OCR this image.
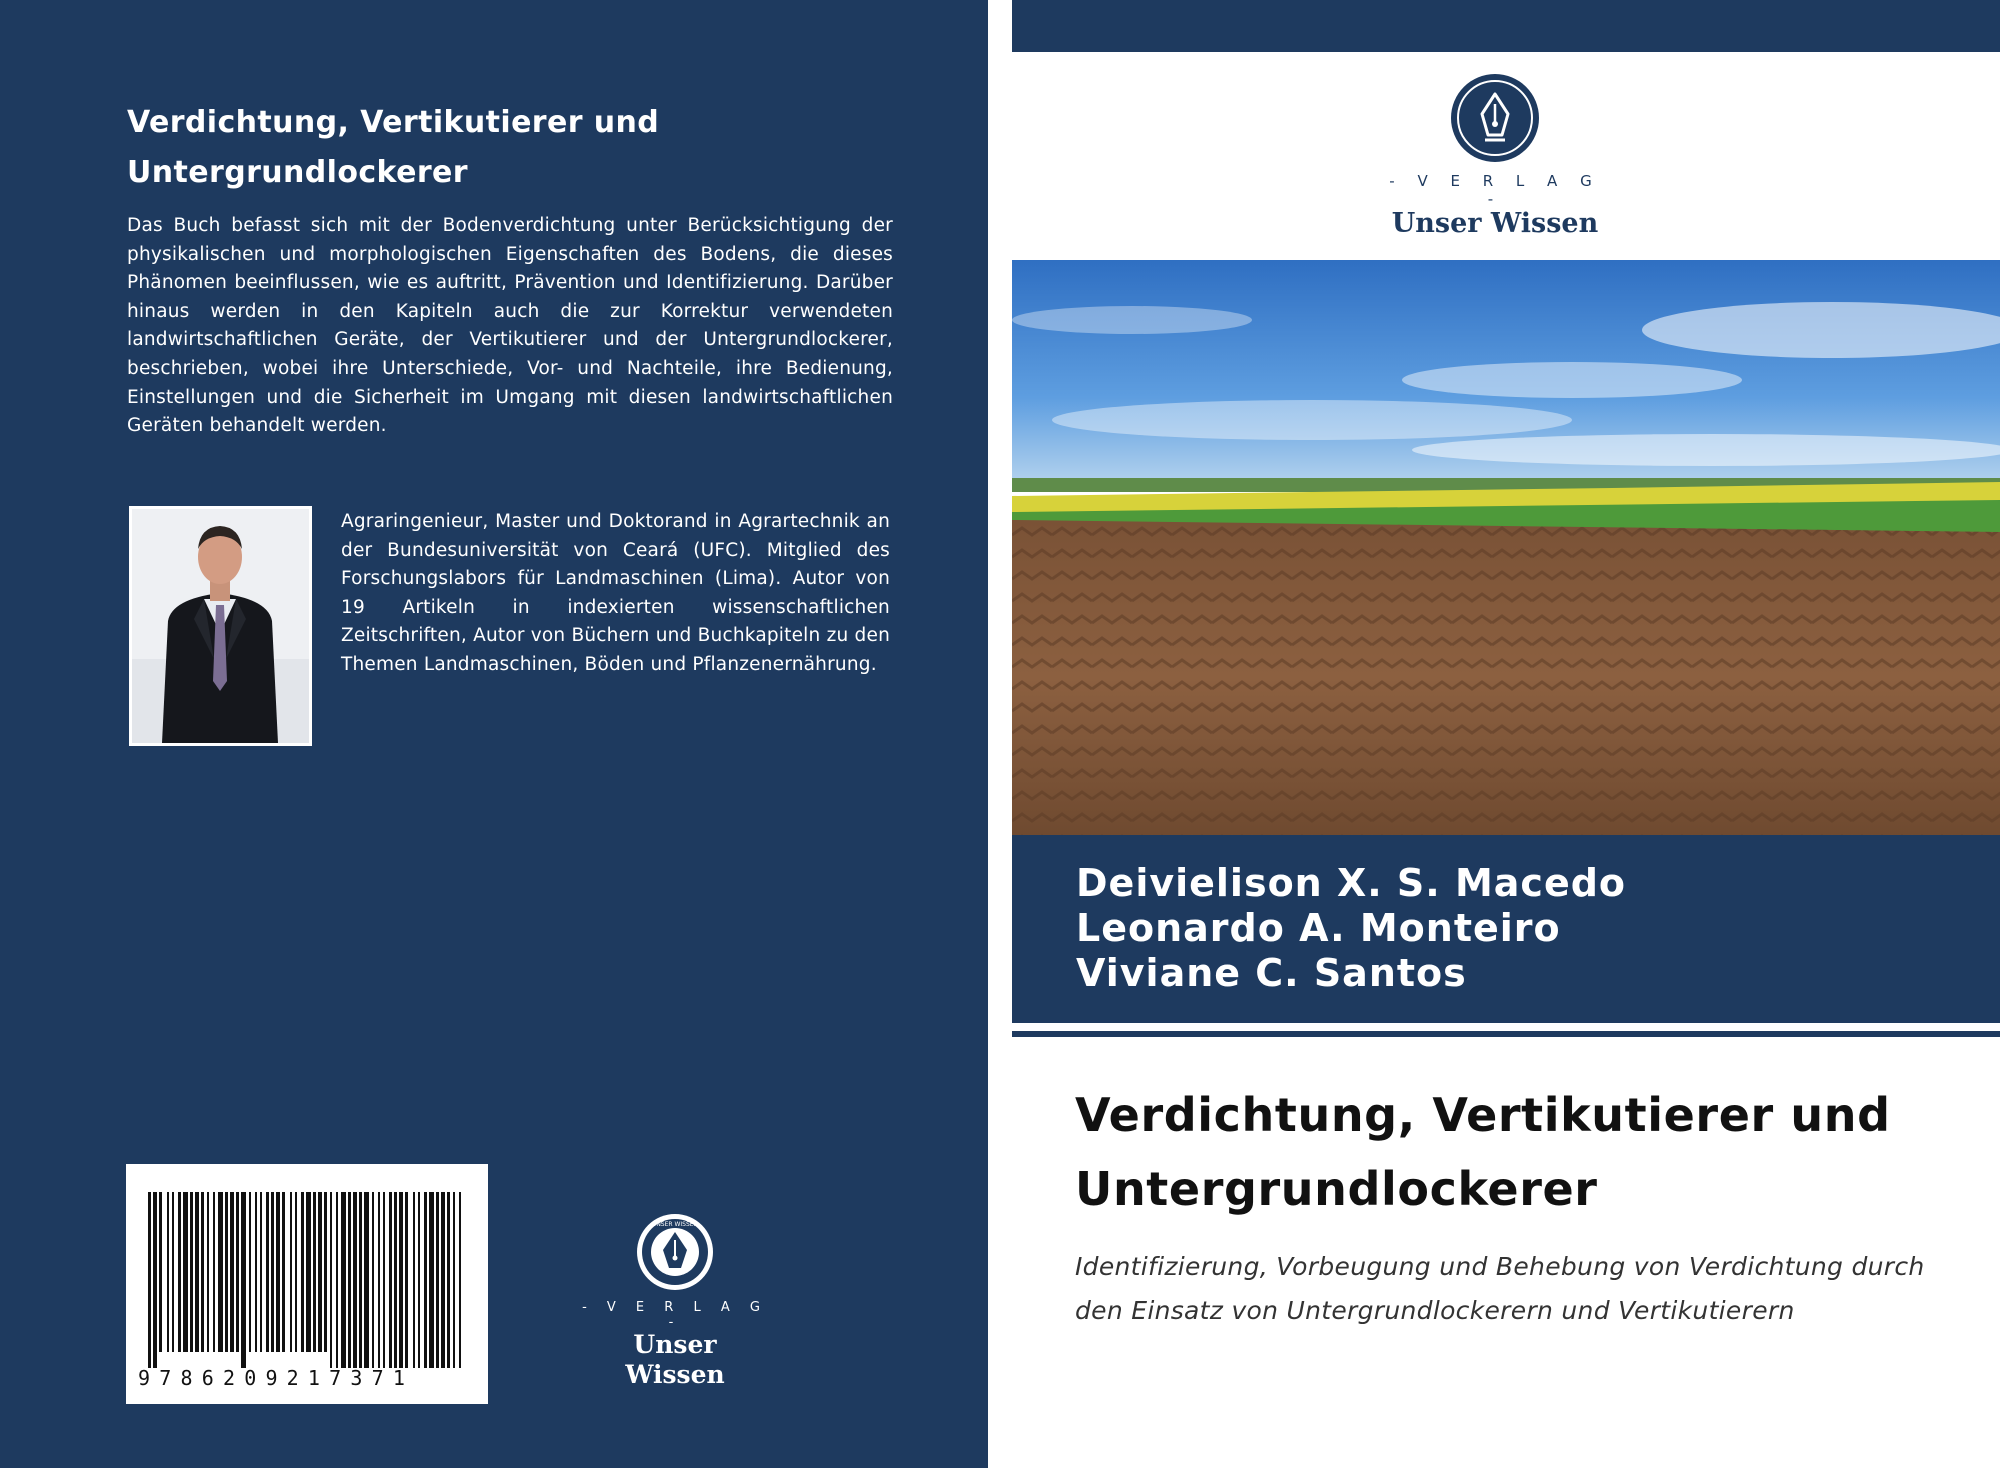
Verdichtung, Vertikutierer und Untergrundlockerer

Das Buch befasst sich mit der Bodenverdichtung unter Berücksichtigung der physikalischen und morphologischen Eigenschaften des Bodens, die dieses Phänomen beeinflussen, wie es auftritt, Prävention und Identifizierung. Darüber hinaus werden in den Kapiteln auch die zur Korrektur verwendeten landwirtschaftlichen Geräte, der Vertikutierer und der Untergrundlockerer, beschrieben, wobei ihre Unterschiede, Vor- und Nachteile, ihre Bedienung, Einstellungen und die Sicherheit im Umgang mit diesen landwirtschaftlichen Geräten behandelt werden.

Agraringenieur, Master und Doktorand in Agrartechnik an der Bundesuniversität von Ceará (UFC). Mitglied des Forschungslabors für Landmaschinen (Lima). Autor von 19 Artikeln in indexierten wissenschaftlichen Zeitschriften, Autor von Büchern und Buchkapiteln zu den Themen Landmaschinen, Böden und Pflanzenernährung.

9786209217371

UNSER WISSEN
- V E R L A G -
Unser Wissen
- V E R L A G -
Unser Wissen

Deivielison X. S. Macedo

Leonardo A. Monteiro

Viviane C. Santos

Verdichtung, Vertikutierer und Untergrundlockerer

Identifizierung, Vorbeugung und Behebung von Verdichtung durch den Einsatz von Untergrundlockerern und Vertikutierern
